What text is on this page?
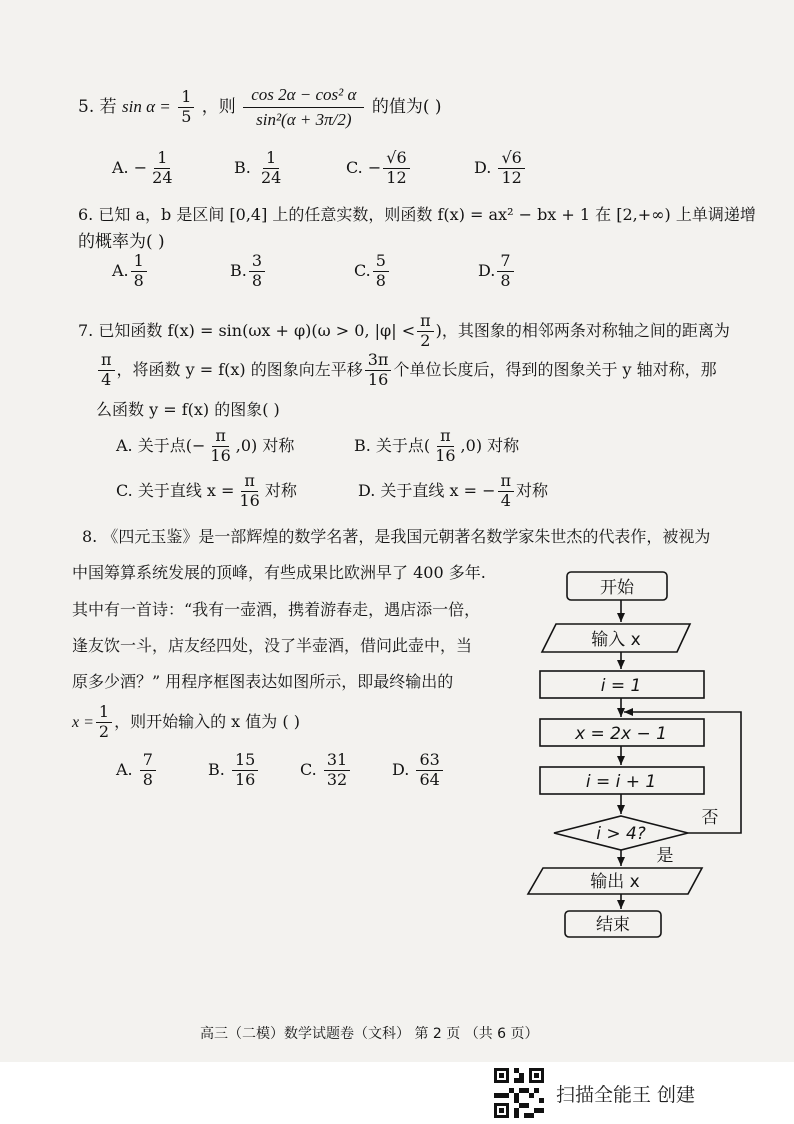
5. 若 $\sin \alpha = \frac{1}{5}$ ，则 $\frac{\text{cos 2α − cos² α}}{\text{sin²(α + 3π/2)}}$ 的值为( )
A. − $\frac{1}{24}$	B. $\frac{1}{24}$	C. − $\frac{√6}{12}$	D. $\frac{√6}{12}$
6. 已知 a，b 是区间 [0,4] 上的任意实数，则函数 f(x) = ax² − bx + 1 在 [2,+∞) 上单调递增
的概率为( )
A. $\frac{1}{8}$	B. $\frac{3}{8}$	C. $\frac{5}{8}$	D. $\frac{7}{8}$
7. 已知函数 f(x) = sin(ωx + φ)(ω > 0, $|\varphi| < \frac{\pi}{2}$ )，其图象的相邻两条对称轴之间的距离为
$\frac{\pi}{4}$ ，将函数 y = f(x) 的图象向左平移 $\frac{3\pi}{16}$ 个单位长度后，得到的图象关于 y 轴对称，那
么函数 y = f(x) 的图象( )
A. 关于点(− $\frac{\pi}{16} ,0$) 对称	B. 关于点( $\frac{\pi}{16} ,0$) 对称
C. 关于直线 $x = \frac{\pi}{16}$ 对称	D. 关于直线 x = − $\frac{\pi}{4}$ 对称
8. 《四元玉鉴》是一部辉煌的数学名著，是我国元朝著名数学家朱世杰的代表作，被视为
中国筹算系统发展的顶峰，有些成果比欧洲早了 400 多年.
其中有一首诗：“我有一壶酒，携着游春走，遇店添一倍，
逢友饮一斗，店友经四处，没了半壶酒，借问此壶中，当
原多少酒？” 用程序框图表达如图所示，即最终输出的
$x = \frac{1}{2}$ ，则开始输入的 x 值为 ( )
A. $\frac{7}{8}$	B. $\frac{15}{16}$	C. $\frac{31}{32}$	D. $\frac{63}{64}$
开始
输入 x
i = 1
x = 2x − 1
i = i + 1
i > 4?
否
是
输出 x
结束
高三（二模）数学试题卷（文科） 第 2 页 （共 6 页）
扫描全能王 创建
